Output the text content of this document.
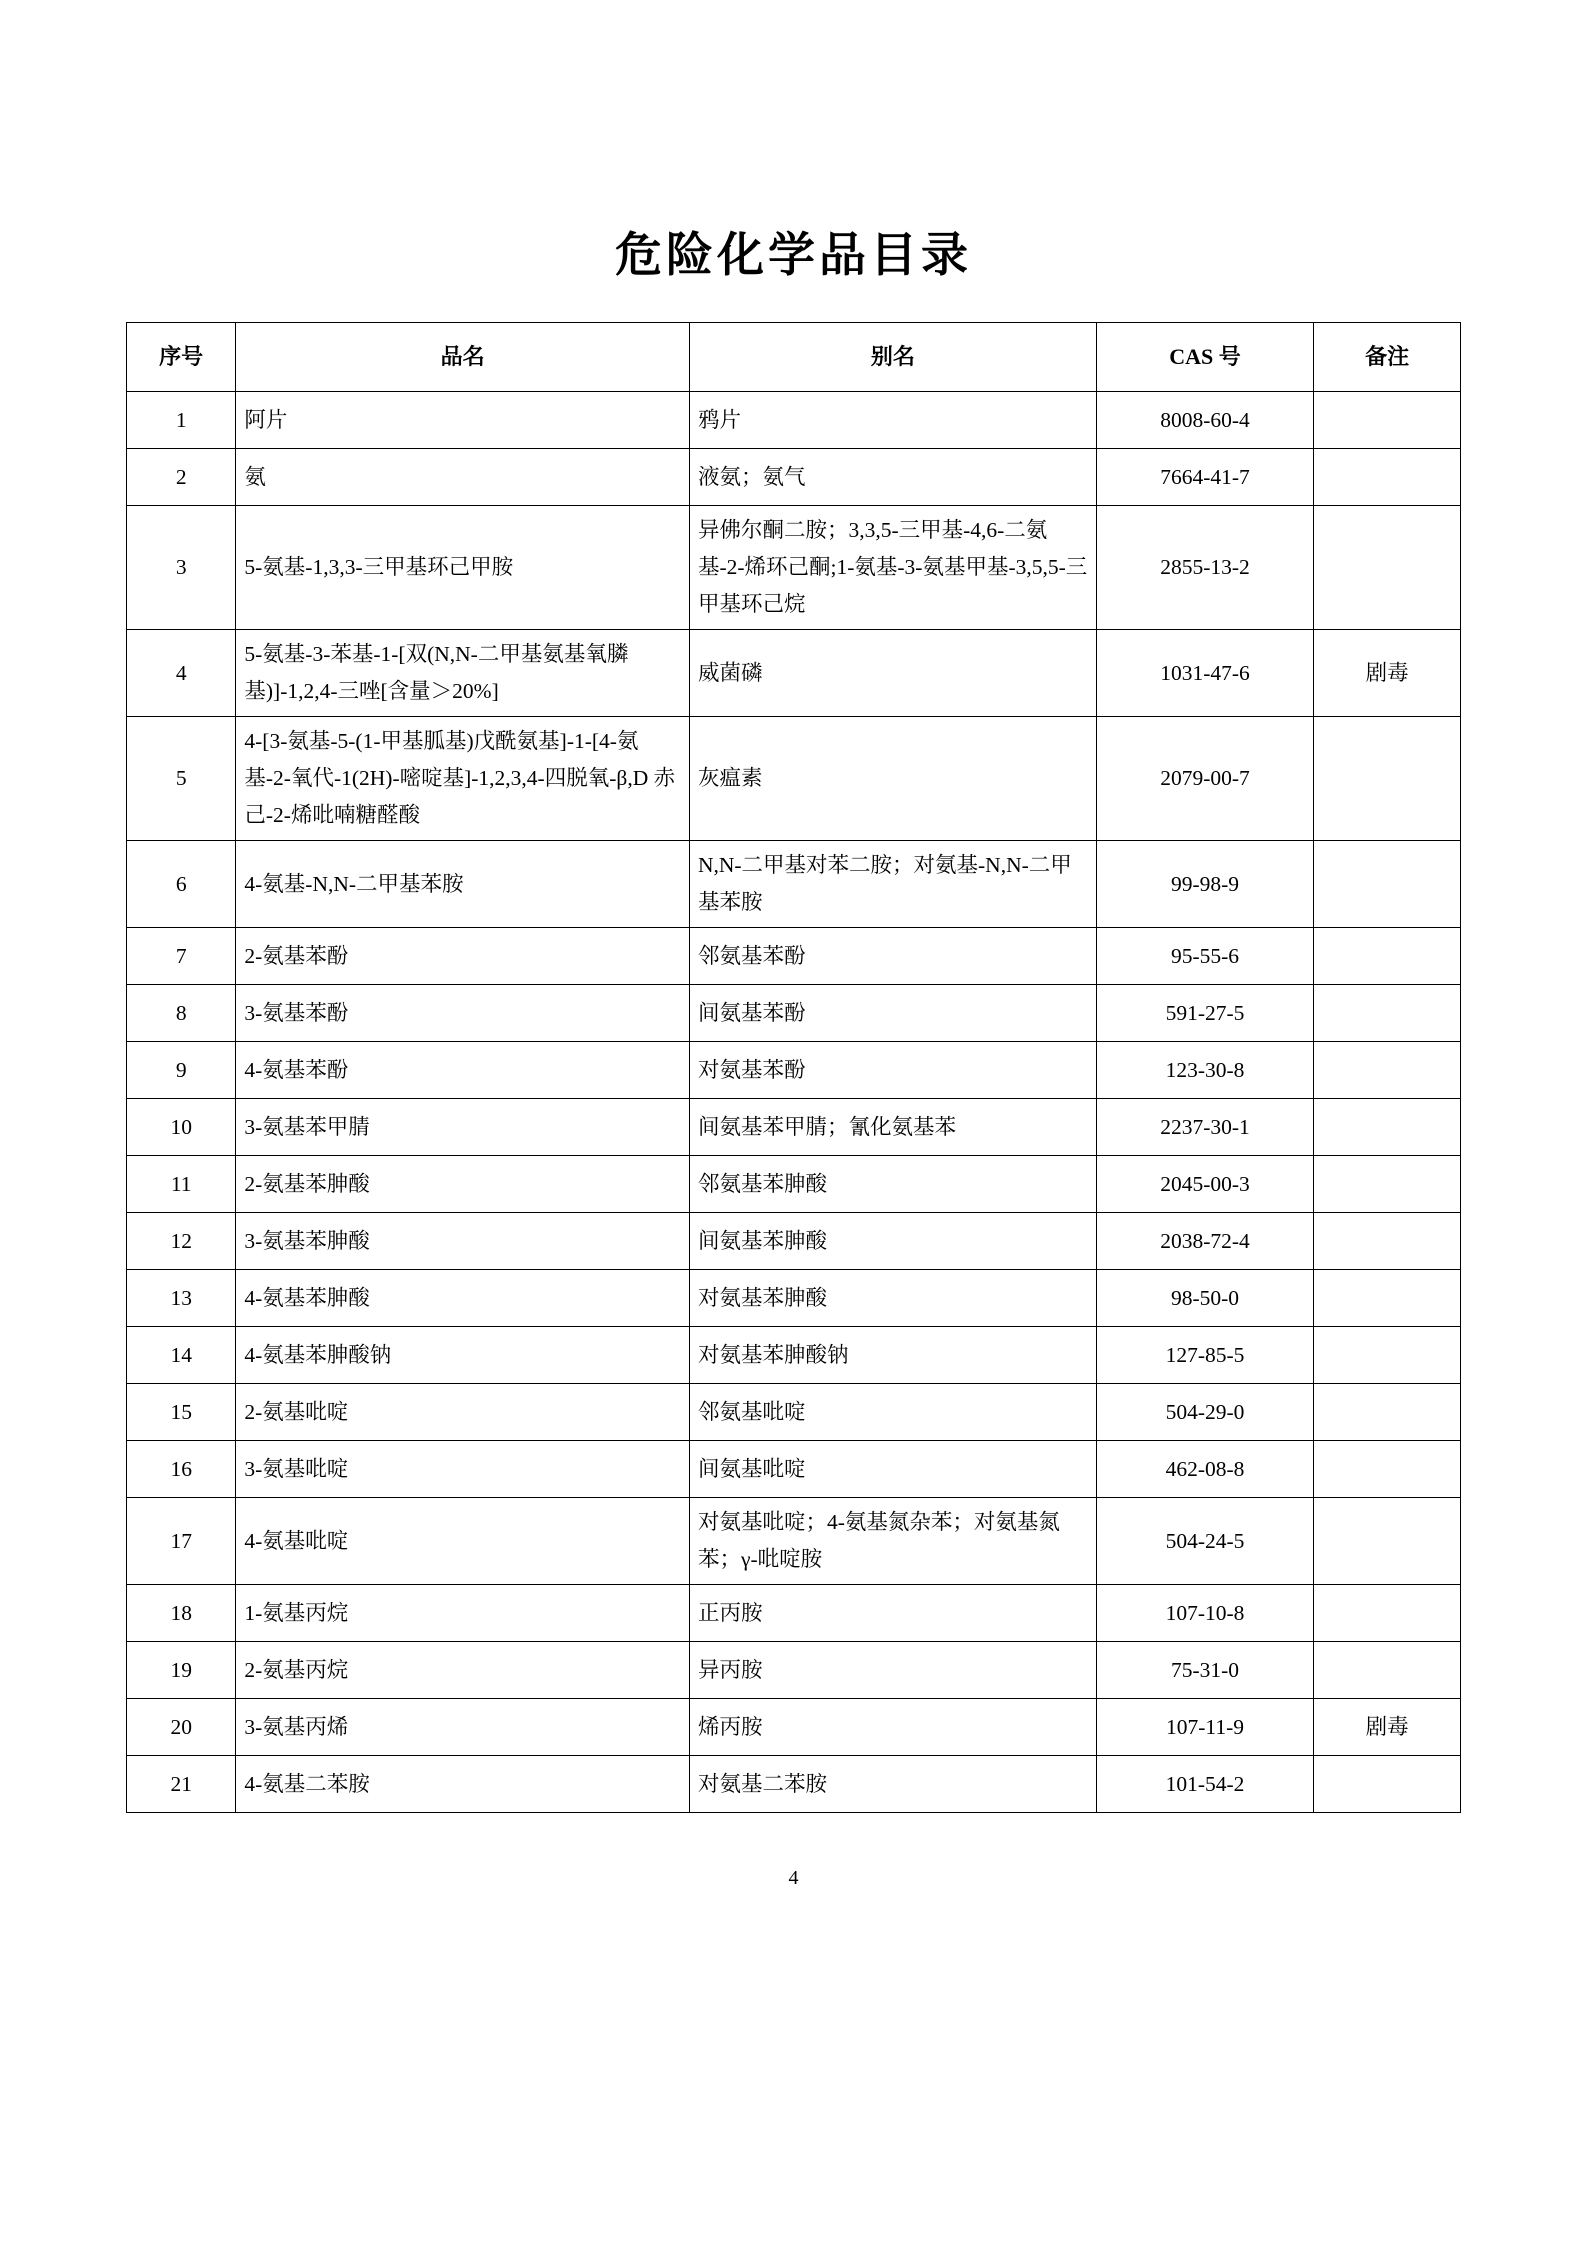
危险化学品目录
序号	品名	别名	CAS 号	备注
1	阿片	鸦片	8008-60-4	
2	氨	液氨；氨气	7664-41-7	
3	5-氨基-1,3,3-三甲基环己甲胺	异佛尔酮二胺；3,3,5-三甲基-4,6-二氨基-2-烯环己酮;1-氨基-3-氨基甲基-3,5,5-三甲基环己烷	2855-13-2	
4	5-氨基-3-苯基-1-[双(N,N-二甲基氨基氧膦基)]-1,2,4-三唑[含量＞20%]	威菌磷	1031-47-6	剧毒
5	4-[3-氨基-5-(1-甲基胍基)戊酰氨基]-1-[4-氨基-2-氧代-1(2H)-嘧啶基]-1,2,3,4-四脱氧-β,D 赤己-2-烯吡喃糖醛酸	灰瘟素	2079-00-7	
6	4-氨基-N,N-二甲基苯胺	N,N-二甲基对苯二胺；对氨基-N,N-二甲基苯胺	99-98-9	
7	2-氨基苯酚	邻氨基苯酚	95-55-6	
8	3-氨基苯酚	间氨基苯酚	591-27-5	
9	4-氨基苯酚	对氨基苯酚	123-30-8	
10	3-氨基苯甲腈	间氨基苯甲腈；氰化氨基苯	2237-30-1	
11	2-氨基苯胂酸	邻氨基苯胂酸	2045-00-3	
12	3-氨基苯胂酸	间氨基苯胂酸	2038-72-4	
13	4-氨基苯胂酸	对氨基苯胂酸	98-50-0	
14	4-氨基苯胂酸钠	对氨基苯胂酸钠	127-85-5	
15	2-氨基吡啶	邻氨基吡啶	504-29-0	
16	3-氨基吡啶	间氨基吡啶	462-08-8	
17	4-氨基吡啶	对氨基吡啶；4-氨基氮杂苯；对氨基氮苯；γ-吡啶胺	504-24-5	
18	1-氨基丙烷	正丙胺	107-10-8	
19	2-氨基丙烷	异丙胺	75-31-0	
20	3-氨基丙烯	烯丙胺	107-11-9	剧毒
21	4-氨基二苯胺	对氨基二苯胺	101-54-2	
4
